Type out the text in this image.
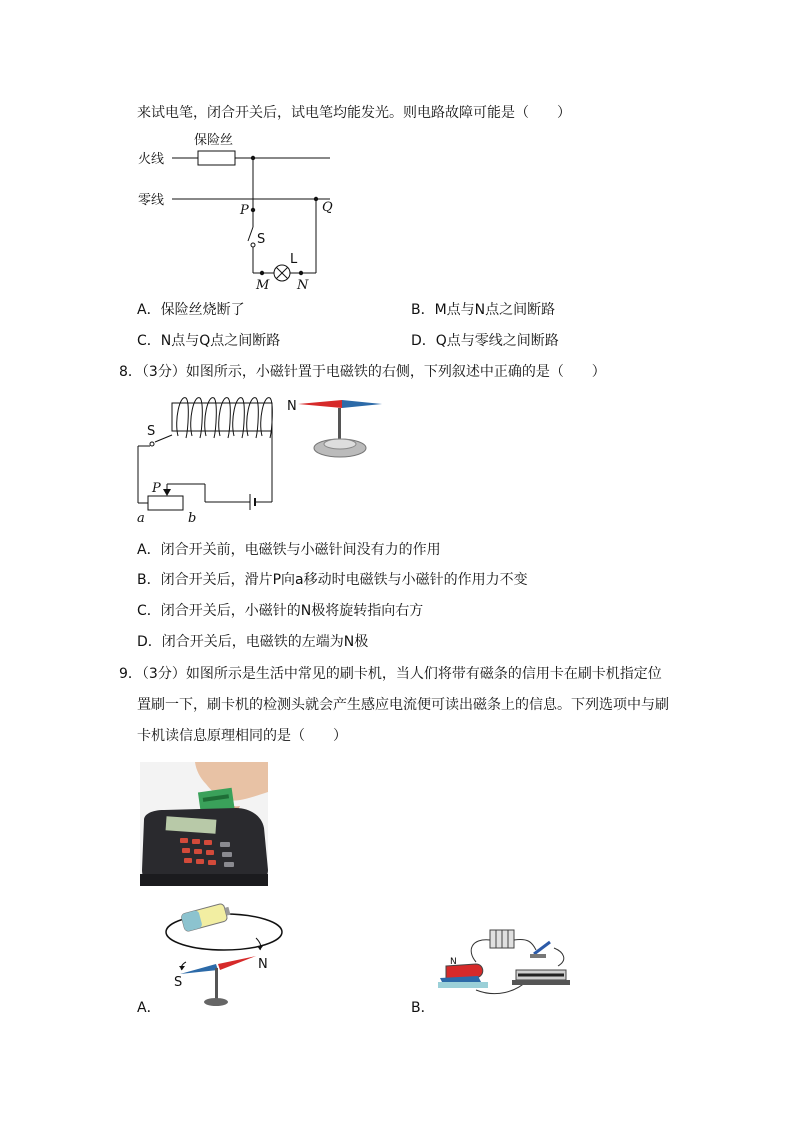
来试电笔，闭合开关后，试电笔均能发光。则电路故障可能是（　　）
保险丝
火线
零线
P	Q
S
L
M N
A．保险丝烧断了	B．M点与N点之间断路
C．N点与Q点之间断路	D．Q点与零线之间断路
8．（3分）如图所示，小磁针置于电磁铁的右侧，下列叙述中正确的是（　　）
S
a	b
P
N
A．闭合开关前，电磁铁与小磁针间没有力的作用
B．闭合开关后，滑片P向a移动时电磁铁与小磁针的作用力不变
C．闭合开关后，小磁针的N极将旋转指向右方
D．闭合开关后，电磁铁的左端为N极
9．（3分）如图所示是生活中常见的刷卡机，当人们将带有磁条的信用卡在刷卡机指定位
置刷一下，刷卡机的检测头就会产生感应电流便可读出磁条上的信息。下列选项中与刷
卡机读信息原理相同的是（　　）
S
N
A．
N
B．
